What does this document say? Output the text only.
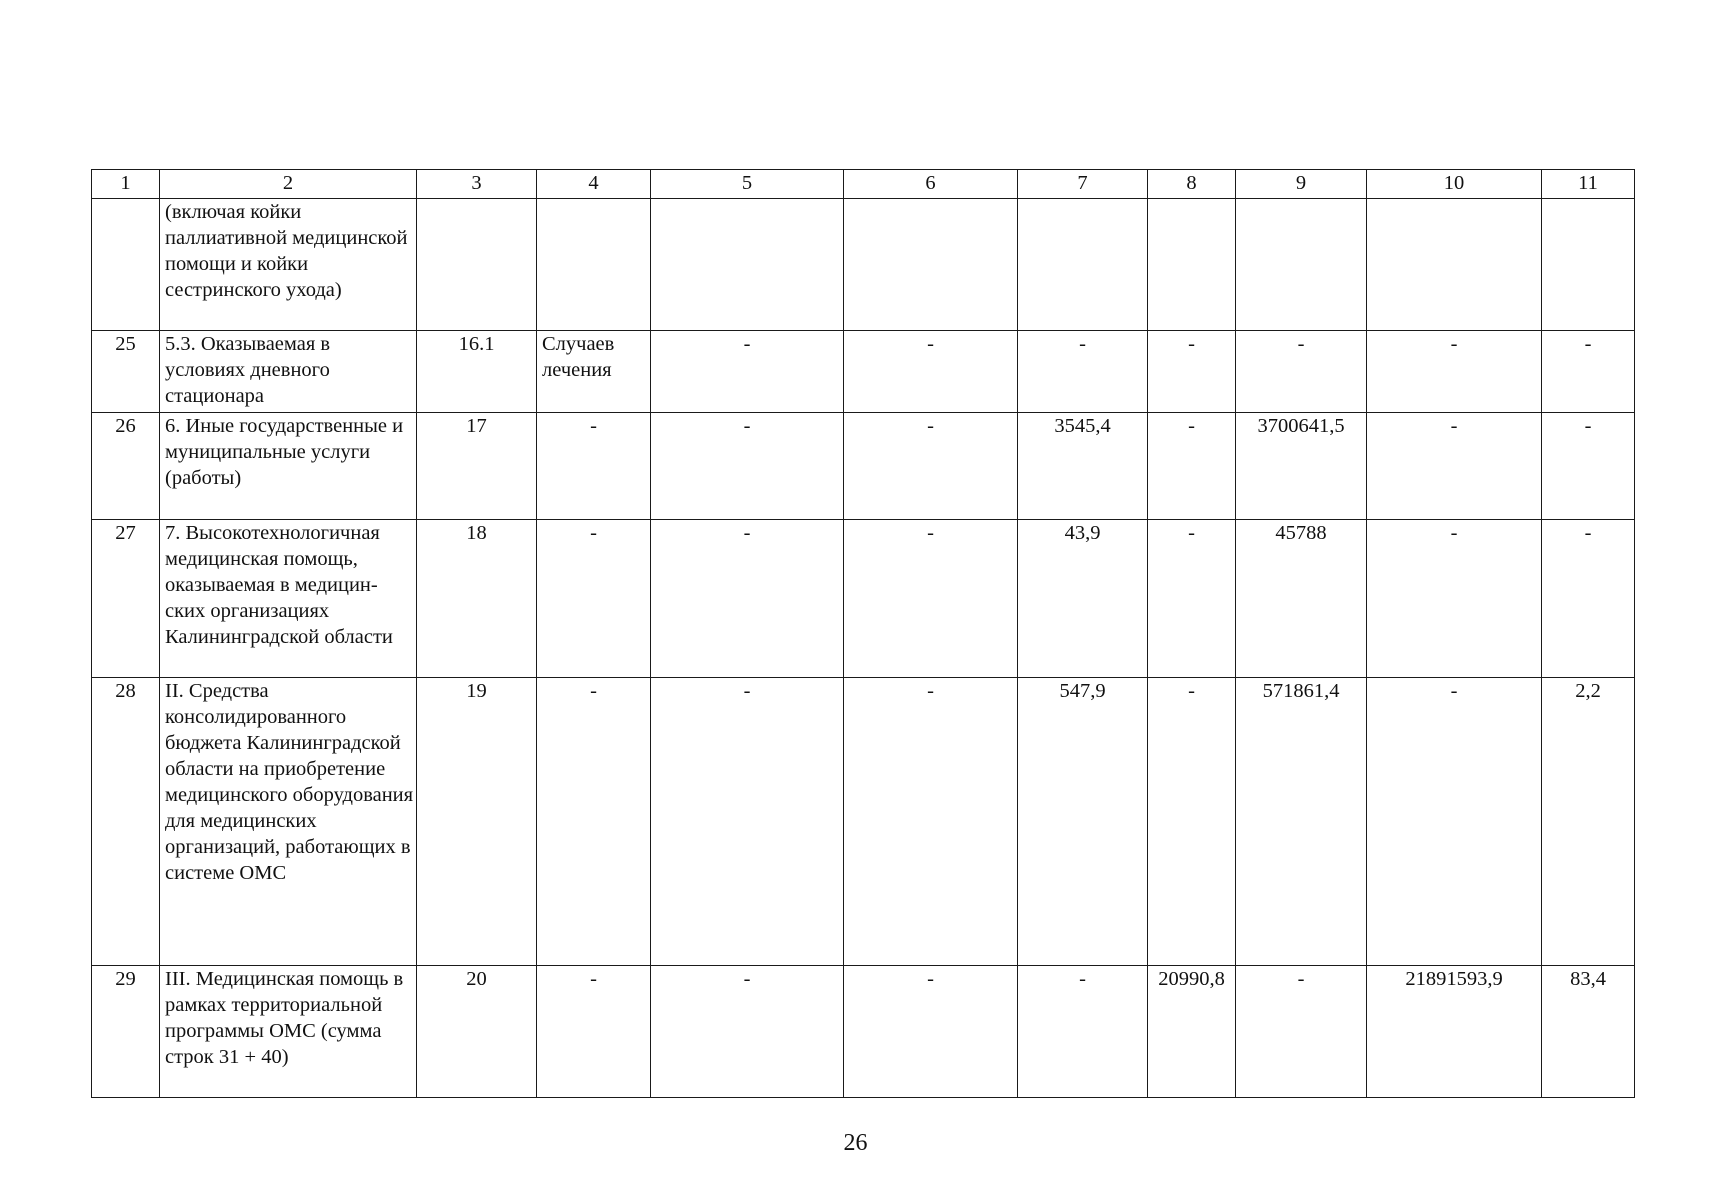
1	2	3	4	5	6	7	8	9	10	11
	(включая койки паллиативной медицинской помощи и койки сестринского ухода)									
25	5.3. Оказываемая в условиях дневного стационара	16.1	Случаев лечения	-	-	-	-	-	-	-
26	6. Иные государственные и муниципальные услуги (работы)	17	-	-	-	3545,4	-	3700641,5	-	-
27	7. Высокотехнологичная медицинская помощь, оказываемая в медицин-ских организациях Калининградской области	18	-	-	-	43,9	-	45788	-	-
28	II. Средства консолидированного бюджета Калининградской области на приобретение медицинского оборудования для медицинских организаций, работающих в системе ОМС	19	-	-	-	547,9	-	571861,4	-	2,2
29	III. Медицинская помощь в рамках территориальной программы ОМС (сумма строк 31 + 40)	20	-	-	-	-	20990,8	-	21891593,9	83,4
26
